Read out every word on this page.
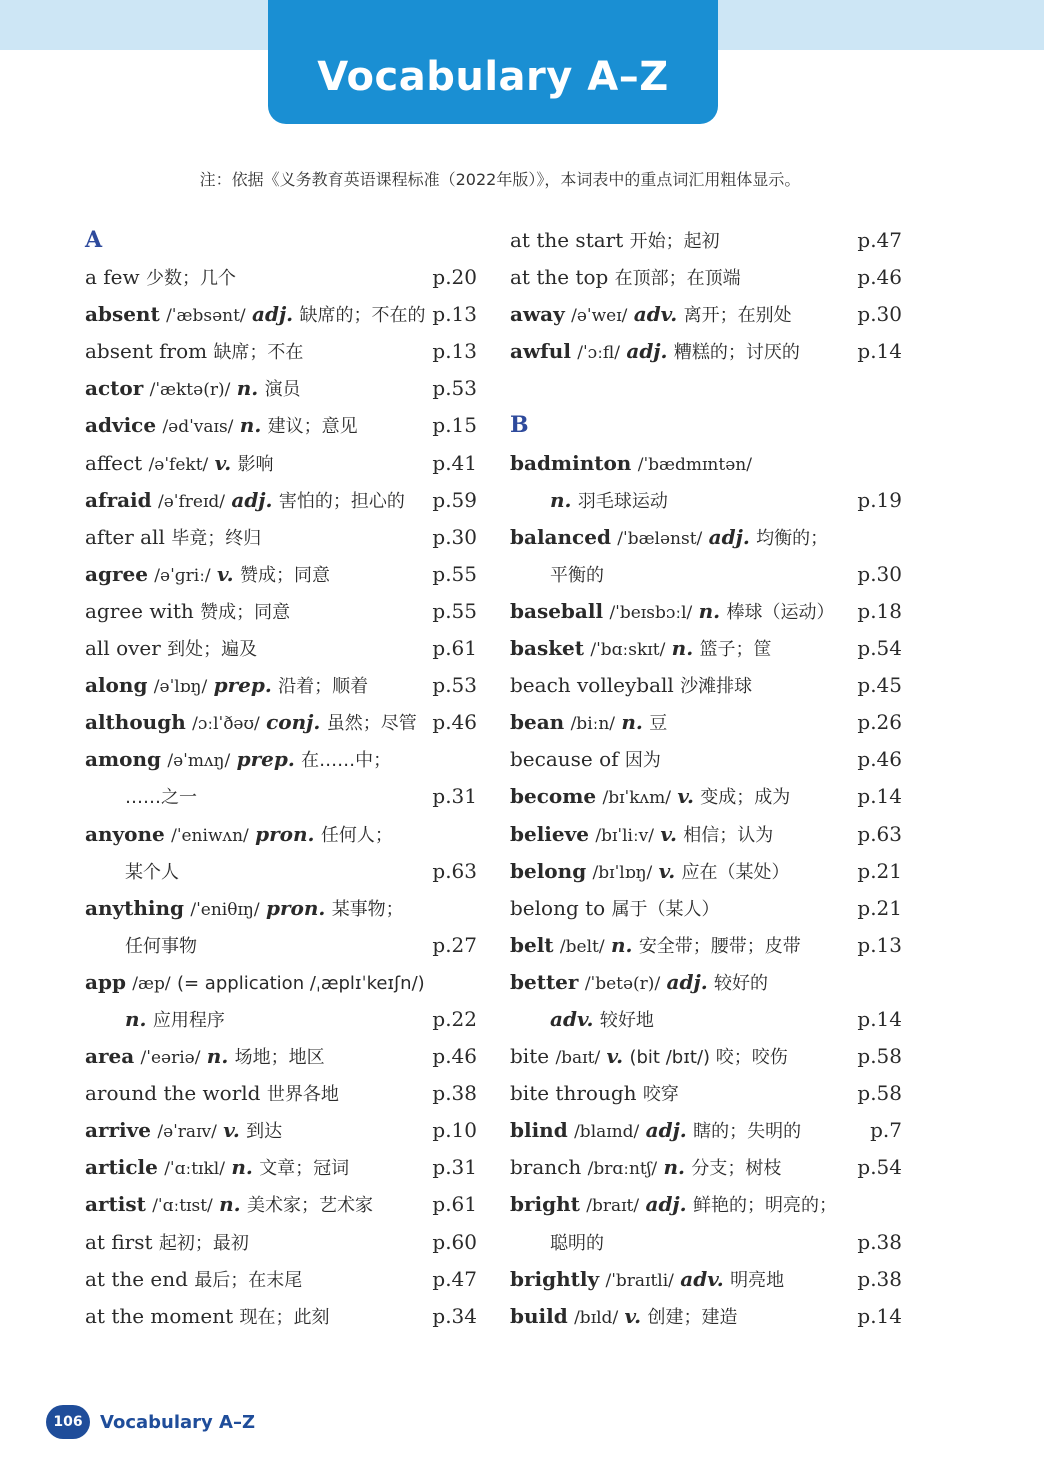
Vocabulary A–Z
注：依据《义务教育英语课程标准（2022年版）》，本词表中的重点词汇用粗体显示。
A
a few 少数；几个	p.20
absent /ˈæbsənt/ adj. 缺席的；不在的 p.13
absent from 缺席；不在	p.13
actor /ˈæktə(r)/ n. 演员	p.53
advice /ədˈvaɪs/ n. 建议；意见	p.15
affect /əˈfekt/ v. 影响	p.41
afraid /əˈfreɪd/ adj. 害怕的；担心的 p.59
after all 毕竟；终归	p.30
agree /əˈɡriː/ v. 赞成；同意	p.55
agree with 赞成；同意	p.55
all over 到处；遍及	p.61
along /əˈlɒŋ/ prep. 沿着；顺着	p.53
although /ɔːlˈðəʊ/ conj. 虽然；尽管 p.46
among /əˈmʌŋ/ prep. 在……中；
……之一	p.31
anyone /ˈeniwʌn/ pron. 任何人；
某个人	p.63
anything /ˈeniθɪŋ/ pron. 某事物；
任何事物	p.27
app /æp/ (= application /ˌæplɪˈkeɪʃn/)
n. 应用程序	p.22
area /ˈeəriə/ n. 场地；地区	p.46
around the world 世界各地	p.38
arrive /əˈraɪv/ v. 到达	p.10
article /ˈɑːtɪkl/ n. 文章；冠词	p.31
artist /ˈɑːtɪst/ n. 美术家；艺术家	p.61
at first 起初；最初	p.60
at the end 最后；在末尾	p.47
at the moment 现在；此刻	p.34
at the start 开始；起初	p.47
at the top 在顶部；在顶端	p.46
away /əˈweɪ/ adv. 离开；在别处	p.30
awful /ˈɔːfl/ adj. 糟糕的；讨厌的	p.14
B
badminton /ˈbædmɪntən/
n. 羽毛球运动	p.19
balanced /ˈbælənst/ adj. 均衡的；
平衡的	p.30
baseball /ˈbeɪsbɔːl/ n. 棒球（运动） p.18
basket /ˈbɑːskɪt/ n. 篮子；筐	p.54
beach volleyball 沙滩排球	p.45
bean /biːn/ n. 豆	p.26
because of 因为	p.46
become /bɪˈkʌm/ v. 变成；成为	p.14
believe /bɪˈliːv/ v. 相信；认为	p.63
belong /bɪˈlɒŋ/ v. 应在（某处）	p.21
belong to 属于（某人）	p.21
belt /belt/ n. 安全带；腰带；皮带	p.13
better /ˈbetə(r)/ adj. 较好的
adv. 较好地	p.14
bite /baɪt/ v. (bit /bɪt/) 咬；咬伤	p.58
bite through 咬穿	p.58
blind /blaɪnd/ adj. 瞎的；失明的	p.7
branch /brɑːntʃ/ n. 分支；树枝	p.54
bright /braɪt/ adj. 鲜艳的；明亮的；
聪明的	p.38
brightly /ˈbraɪtli/ adv. 明亮地	p.38
build /bɪld/ v. 创建；建造	p.14
106 Vocabulary A–Z
